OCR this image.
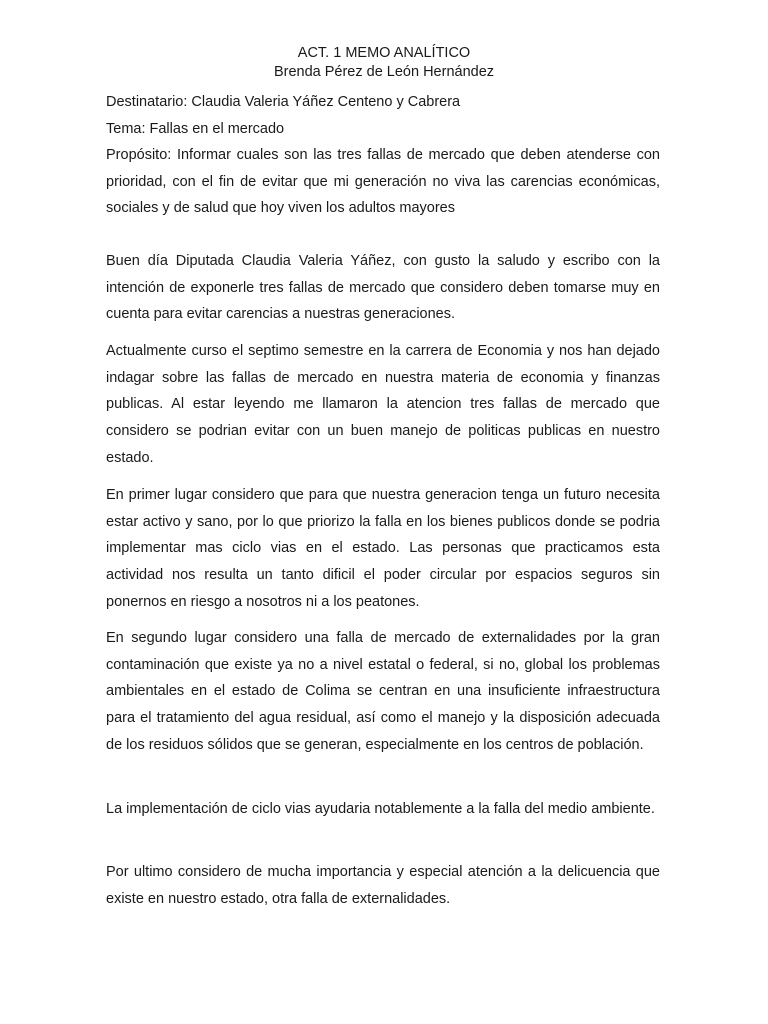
ACT. 1 MEMO ANALÍTICO
Brenda Pérez de León Hernández
Destinatario: Claudia Valeria Yáñez Centeno y Cabrera
Tema: Fallas en el mercado

Propósito: Informar cuales son las tres fallas de mercado que deben atenderse con prioridad, con el fin de evitar que mi generación no viva las carencias económicas, sociales y de salud que hoy viven los adultos mayores

Buen día Diputada Claudia Valeria Yáñez, con gusto la saludo y escribo con la intención de exponerle tres fallas de mercado que considero deben tomarse muy en cuenta para evitar carencias a nuestras generaciones.

Actualmente curso el septimo semestre en la carrera de Economia y nos han dejado indagar sobre las fallas de mercado en nuestra materia de economia y finanzas publicas. Al estar leyendo me llamaron la atencion tres fallas de mercado que considero se podrian evitar con un buen manejo de politicas publicas en nuestro estado.

En primer lugar considero que para que nuestra generacion tenga un futuro necesita estar activo y sano, por lo que priorizo la falla en los bienes publicos donde se podria implementar mas ciclo vias en el estado. Las personas que practicamos esta actividad nos resulta un tanto dificil el poder circular por espacios seguros sin ponernos en riesgo a nosotros ni a los peatones.

En segundo lugar considero una falla de mercado de externalidades por la gran contaminación que existe ya no a nivel estatal o federal, si no, global los problemas ambientales en el estado de Colima se centran en una insuficiente infraestructura para el tratamiento del agua residual, así como el manejo y la disposición adecuada de los residuos sólidos que se generan, especialmente en los centros de población.

La implementación de ciclo vias ayudaria notablemente a la falla del medio ambiente.

Por ultimo considero de mucha importancia y especial atención a la delicuencia que existe en nuestro estado, otra falla de externalidades.
